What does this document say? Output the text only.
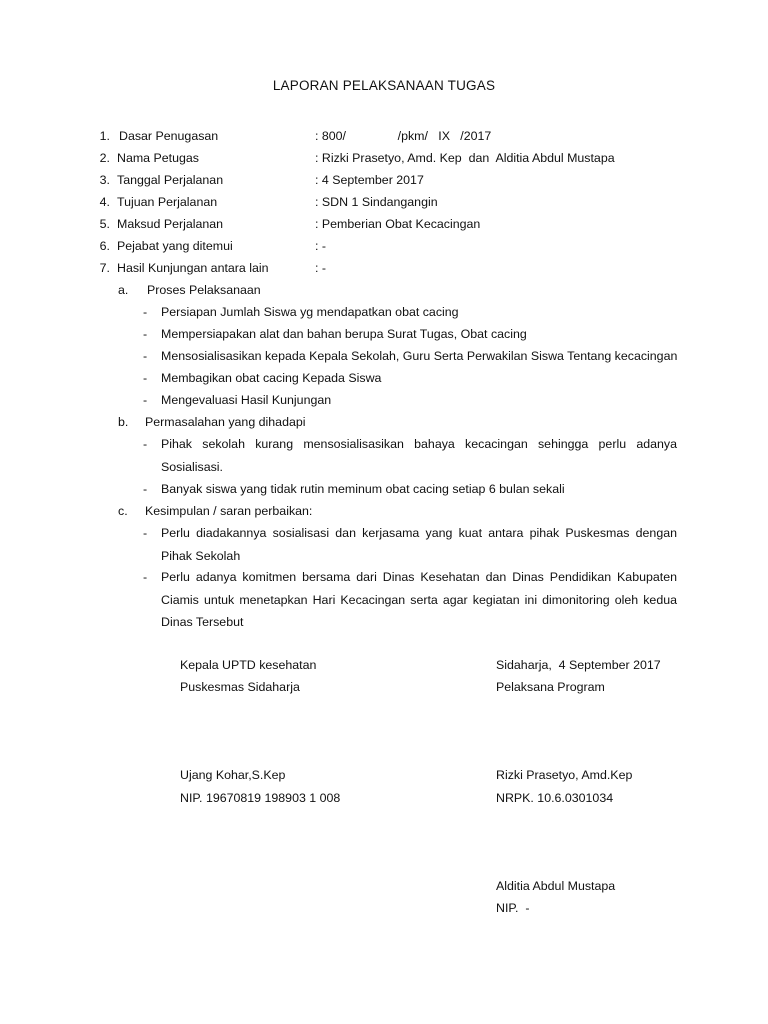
LAPORAN PELAKSANAAN TUGAS
1. Dasar Penugasan	: 800/               /pkm/   IX   /2017
2. Nama Petugas	: Rizki Prasetyo, Amd. Kep  dan  Alditia Abdul Mustapa
3. Tanggal Perjalanan	: 4 September 2017
4. Tujuan Perjalanan	: SDN 1 Sindangangin
5. Maksud Perjalanan	: Pemberian Obat Kecacingan
6. Pejabat yang ditemui	: -
7. Hasil Kunjungan antara lain	: -
a. Proses Pelaksanaan
- Persiapan Jumlah Siswa yg mendapatkan obat cacing
- Mempersiapakan alat dan bahan berupa Surat Tugas, Obat cacing
- Mensosialisasikan kepada Kepala Sekolah, Guru Serta Perwakilan Siswa Tentang kecacingan
- Membagikan obat cacing Kepada Siswa
- Mengevaluasi Hasil Kunjungan
b. Permasalahan yang dihadapi
- Pihak sekolah kurang mensosialisasikan bahaya kecacingan sehingga perlu adanya Sosialisasi.
- Banyak siswa yang tidak rutin meminum obat cacing setiap 6 bulan sekali
c. Kesimpulan / saran perbaikan:
- Perlu diadakannya sosialisasi dan kerjasama yang kuat antara pihak Puskesmas dengan Pihak Sekolah
- Perlu adanya komitmen bersama dari Dinas Kesehatan dan Dinas Pendidikan Kabupaten Ciamis untuk menetapkan Hari Kecacingan serta agar kegiatan ini dimonitoring oleh kedua Dinas Tersebut
Kepala UPTD kesehatan
Puskesmas Sidaharja
Ujang Kohar,S.Kep
NIP. 19670819 198903 1 008
Sidaharja,  4 September 2017
Pelaksana Program
Rizki Prasetyo, Amd.Kep
NRPK. 10.6.0301034
Alditia Abdul Mustapa
NIP.  -
